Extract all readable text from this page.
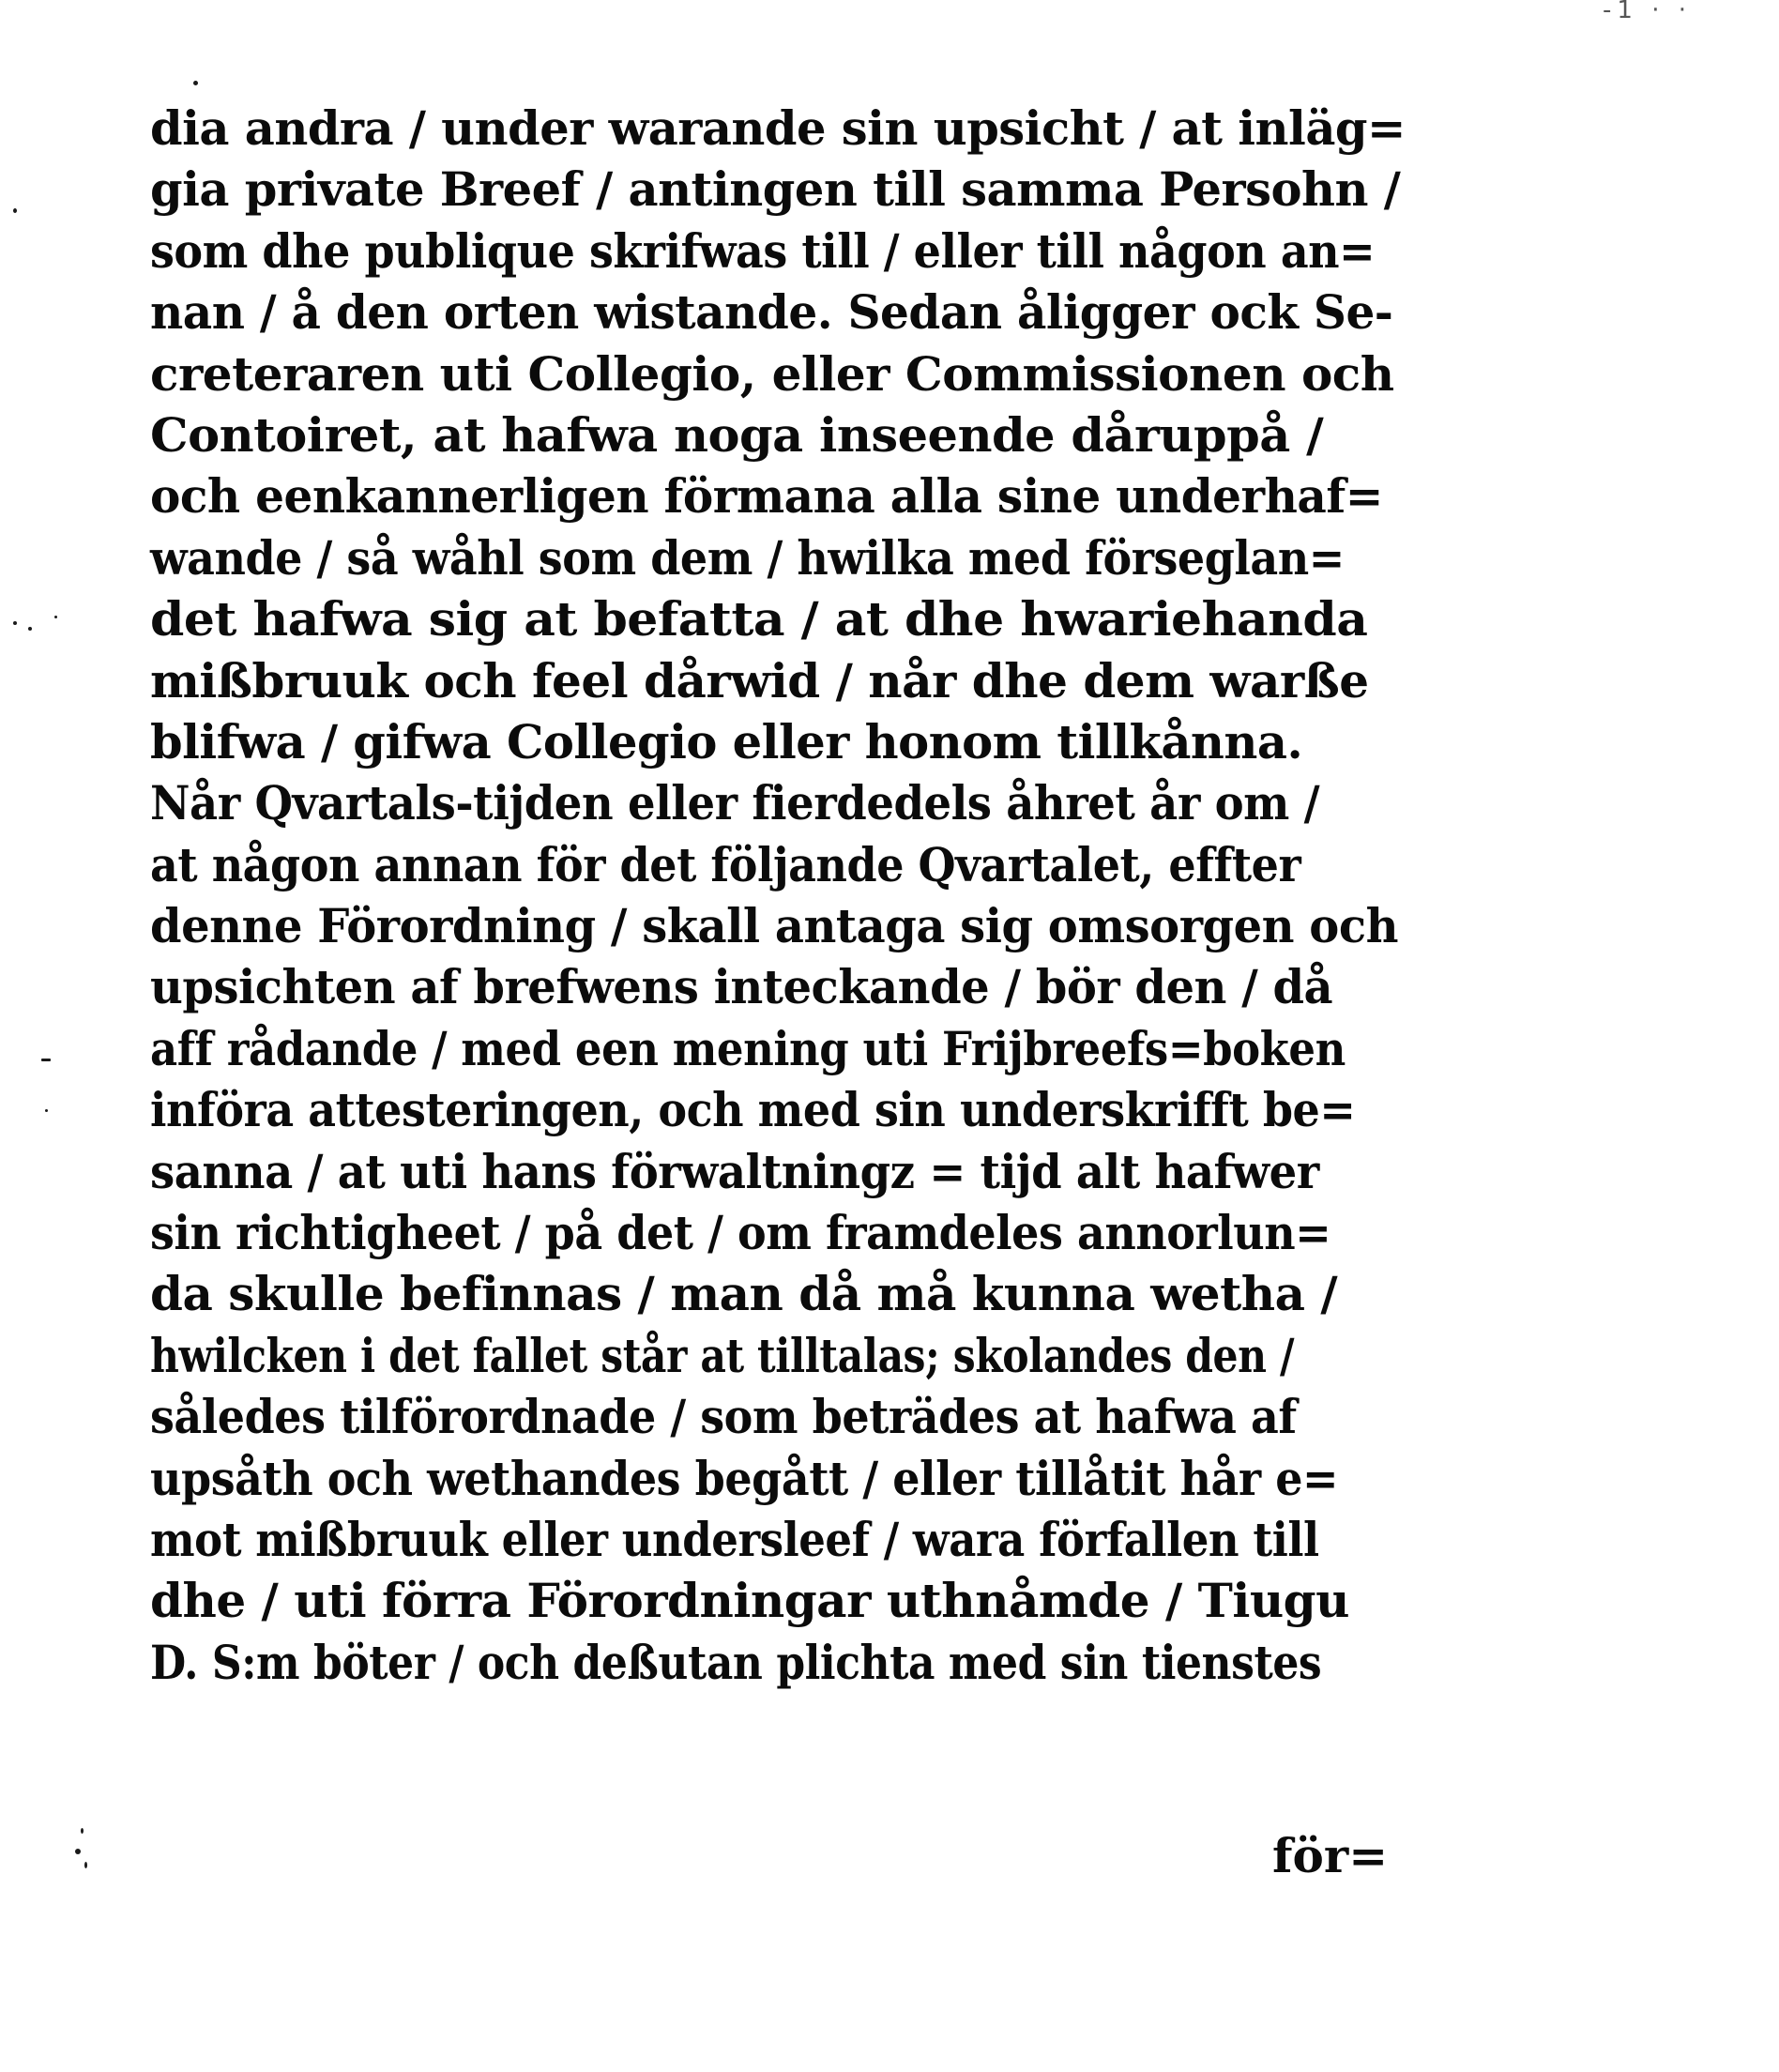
-1 · ·
dia andra / under warande sin upsicht / at inläg=
gia private Breef / antingen till samma Persohn /
som dhe publique skrifwas till / eller till någon an=
nan / å den orten wistande. Sedan åligger ock Se-
creteraren uti Collegio, eller Commissionen och
Contoiret, at hafwa noga inseende dåruppå /
och eenkannerligen förmana alla sine underhaf=
wande / så wåhl som dem / hwilka med förseglan=
det hafwa sig at befatta / at dhe hwariehanda
mißbruuk och feel dårwid / når dhe dem warße
blifwa / gifwa Collegio eller honom tillkånna.
Når Qvartals-tijden eller fierdedels åhret år om /
at någon annan för det följande Qvartalet, effter
denne Förordning / skall antaga sig omsorgen och
upsichten af brefwens inteckande / bör den / då
aff rådande / med een mening uti Frijbreefs=boken
införa attesteringen, och med sin underskrifft be=
sanna / at uti hans förwaltningz = tijd alt hafwer
sin richtigheet / på det / om framdeles annorlun=
da skulle befinnas / man då må kunna wetha /
hwilcken i det fallet står at tilltalas; skolandes den /
således tilförordnade / som beträdes at hafwa af
upsåth och wethandes begått / eller tillåtit hår e=
mot mißbruuk eller undersleef / wara förfallen till
dhe / uti förra Förordningar uthnåmde / Tiugu
D. S:m böter / och deßutan plichta med sin tienstes
för=
